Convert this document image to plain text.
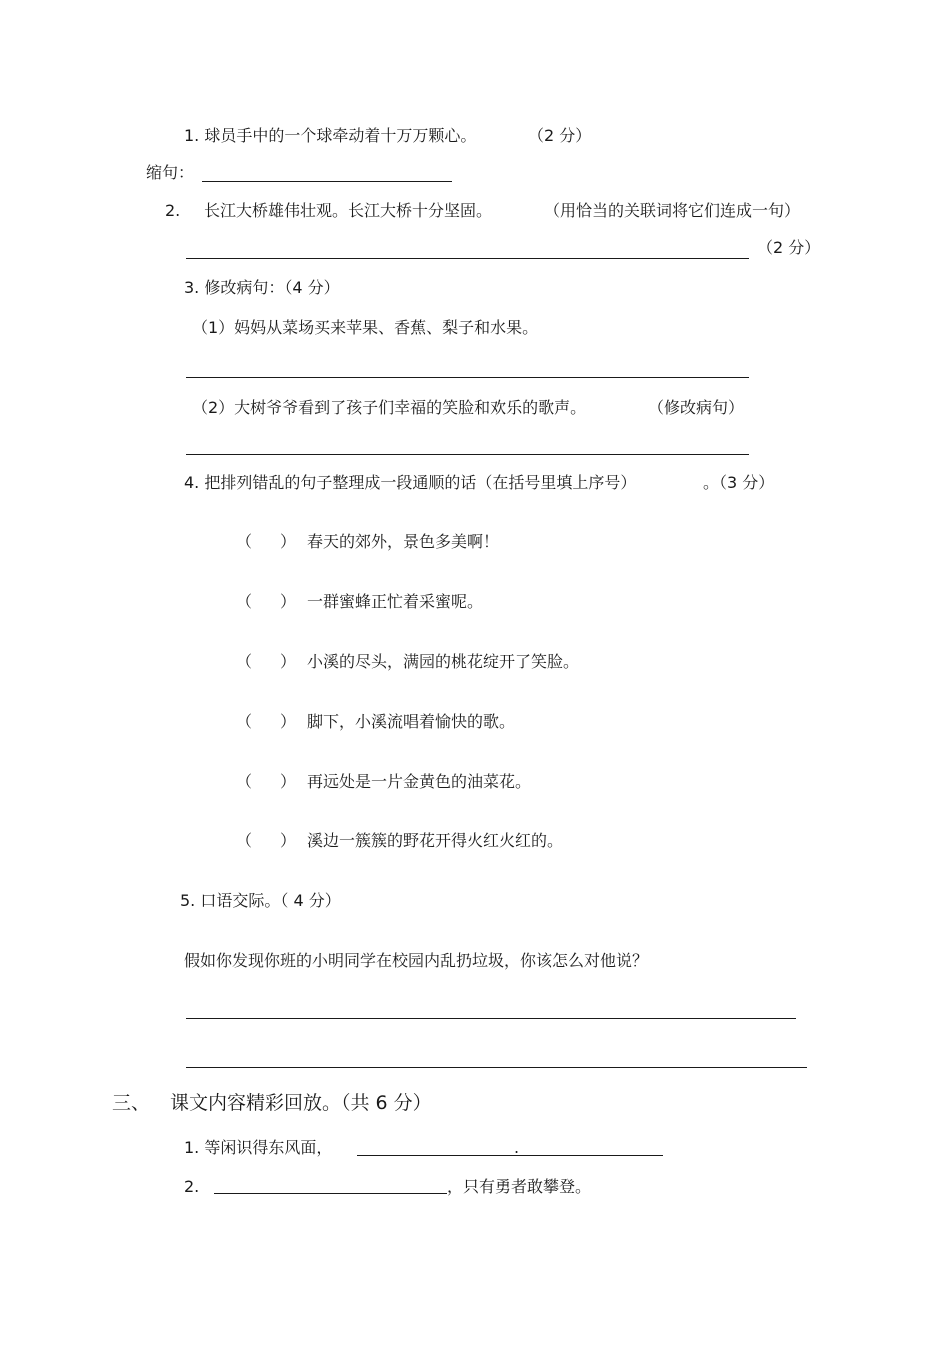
1. 球员手中的一个球牵动着十万万颗心。	（2 分）
缩句：
2. 长江大桥雄伟壮观。长江大桥十分坚固。	（用恰当的关联词将它们连成一句）
（2 分）
3. 修改病句：（4 分）
（1）妈妈从菜场买来苹果、香蕉、梨子和水果。
（2）大树爷爷看到了孩子们幸福的笑脸和欢乐的歌声。	（修改病句）
4. 把排列错乱的句子整理成一段通顺的话（在括号里填上序号）	。（3 分）
（ ） 春天的郊外，景色多美啊！
（ ） 一群蜜蜂正忙着采蜜呢。
（ ） 小溪的尽头，满园的桃花绽开了笑脸。
（ ） 脚下，小溪流唱着愉快的歌。
（ ） 再远处是一片金黄色的油菜花。
（ ） 溪边一簇簇的野花开得火红火红的。
5. 口语交际。（ 4 分）
假如你发现你班的小明同学在校园内乱扔垃圾，你该怎么对他说？
三、 课文内容精彩回放。（共 6 分）
1. 等闲识得东风面，	.
2.	，只有勇者敢攀登。
